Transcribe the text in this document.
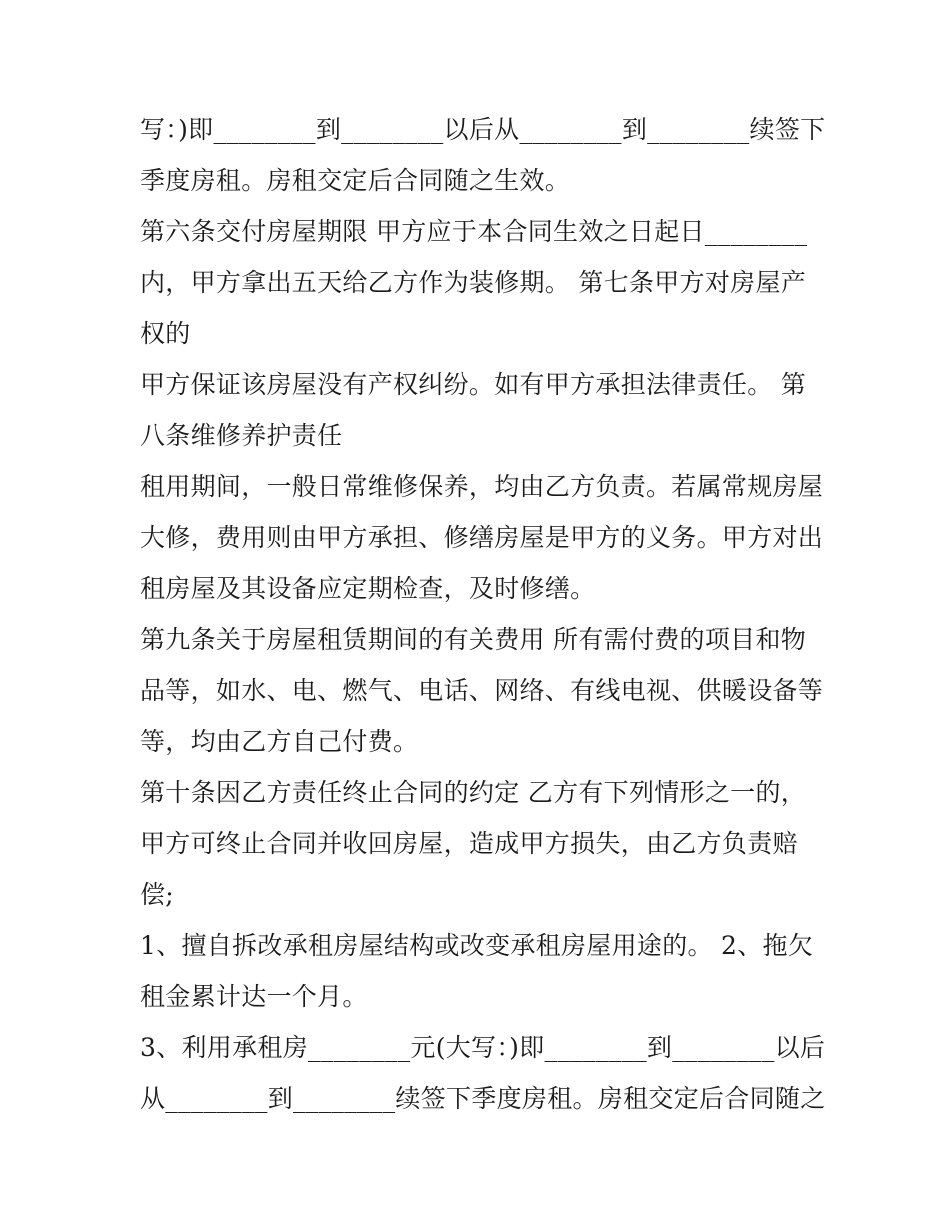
写：)即________到________以后从________到________续签下
季度房租。房租交定后合同随之生效。
第六条交付房屋期限 甲方应于本合同生效之日起日________
内，甲方拿出五天给乙方作为装修期。 第七条甲方对房屋产
权的
甲方保证该房屋没有产权纠纷。如有甲方承担法律责任。 第
八条维修养护责任
租用期间，一般日常维修保养，均由乙方负责。若属常规房屋
大修，费用则由甲方承担、修缮房屋是甲方的义务。甲方对出
租房屋及其设备应定期检查，及时修缮。
第九条关于房屋租赁期间的有关费用 所有需付费的项目和物
品等，如水、电、燃气、电话、网络、有线电视、供暖设备等
等，均由乙方自己付费。
第十条因乙方责任终止合同的约定 乙方有下列情形之一的，
甲方可终止合同并收回房屋，造成甲方损失，由乙方负责赔
偿;
1、擅自拆改承租房屋结构或改变承租房屋用途的。 2、拖欠
租金累计达一个月。
3、利用承租房________元(大写：)即________到________以后
从________到________续签下季度房租。房租交定后合同随之
